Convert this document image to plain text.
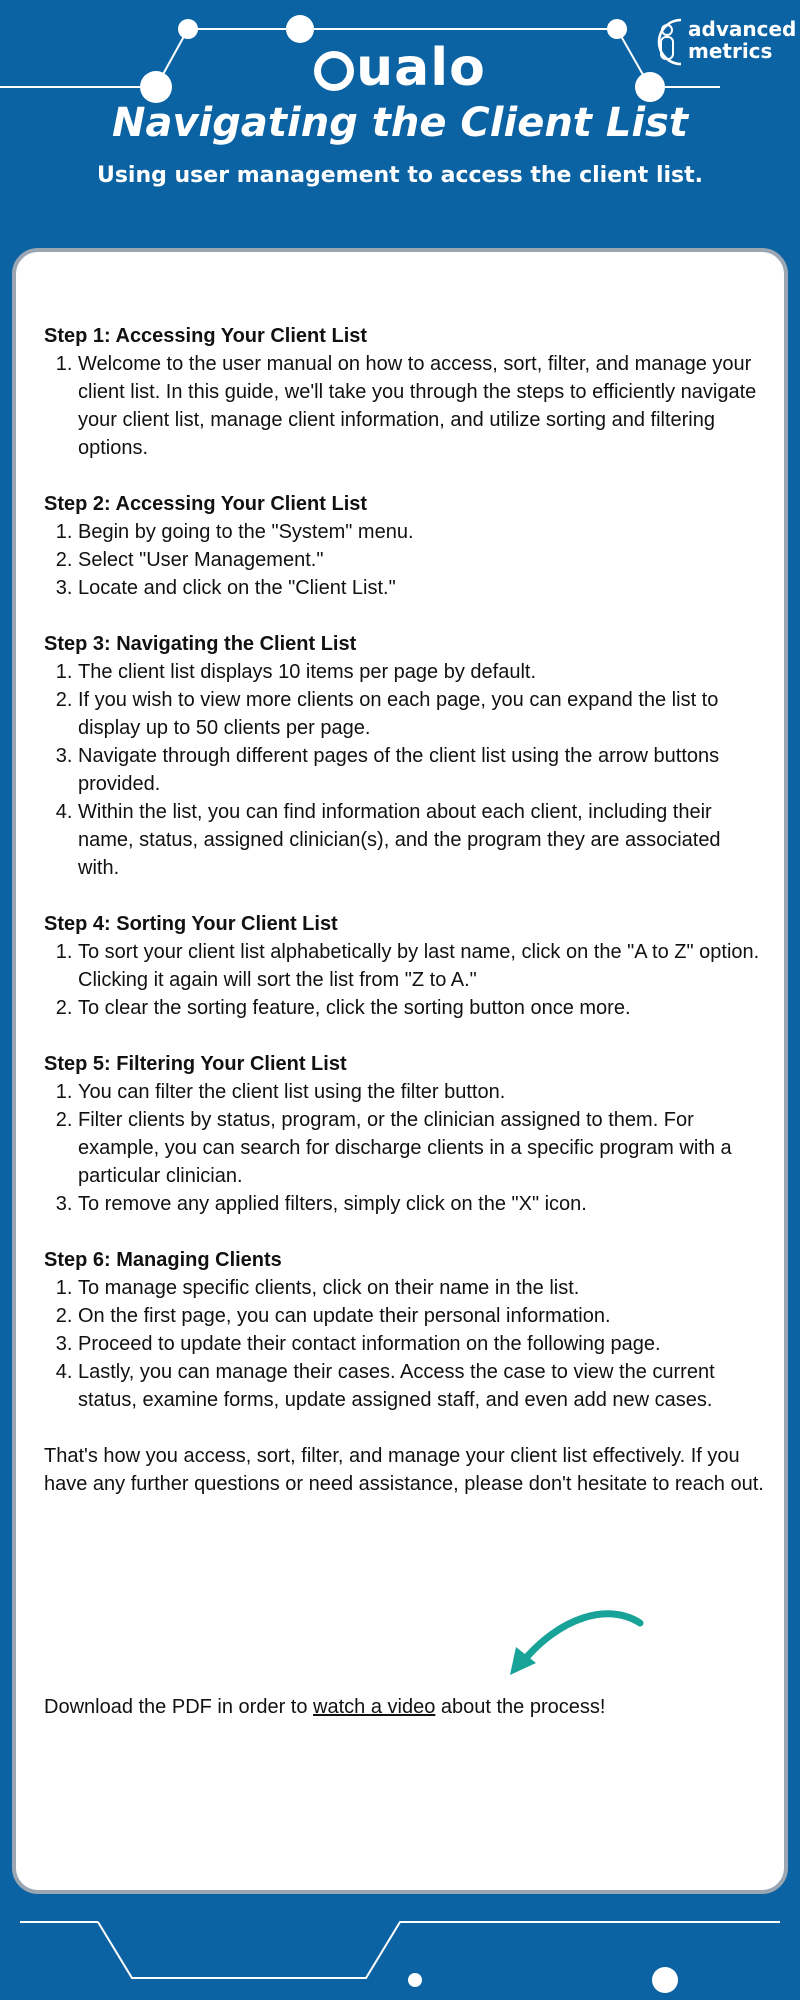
ualo
advanced
metrics
Navigating the Client List

Using user management to access the client list.

Step 1: Accessing Your Client List
1. Welcome to the user manual on how to access, sort, filter, and manage your client list. In this guide, we'll take you through the steps to efficiently navigate your client list, manage client information, and utilize sorting and filtering options.
Step 2: Accessing Your Client List
1. Begin by going to the "System" menu.
2. Select "User Management."
3. Locate and click on the "Client List."
Step 3: Navigating the Client List
1. The client list displays 10 items per page by default.
2. If you wish to view more clients on each page, you can expand the list to display up to 50 clients per page.
3. Navigate through different pages of the client list using the arrow buttons provided.
4. Within the list, you can find information about each client, including their name, status, assigned clinician(s), and the program they are associated with.
Step 4: Sorting Your Client List
1. To sort your client list alphabetically by last name, click on the "A to Z" option. Clicking it again will sort the list from "Z to A."
2. To clear the sorting feature, click the sorting button once more.
Step 5: Filtering Your Client List
1. You can filter the client list using the filter button.
2. Filter clients by status, program, or the clinician assigned to them. For example, you can search for discharge clients in a specific program with a particular clinician.
3. To remove any applied filters, simply click on the "X" icon.
Step 6: Managing Clients
1. To manage specific clients, click on their name in the list.
2. On the first page, you can update their personal information.
3. Proceed to update their contact information on the following page.
4. Lastly, you can manage their cases. Access the case to view the current status, examine forms, update assigned staff, and even add new cases.

That's how you access, sort, filter, and manage your client list effectively. If you have any further questions or need assistance, please don't hesitate to reach out.

Download the PDF in order to watch a video about the process!
